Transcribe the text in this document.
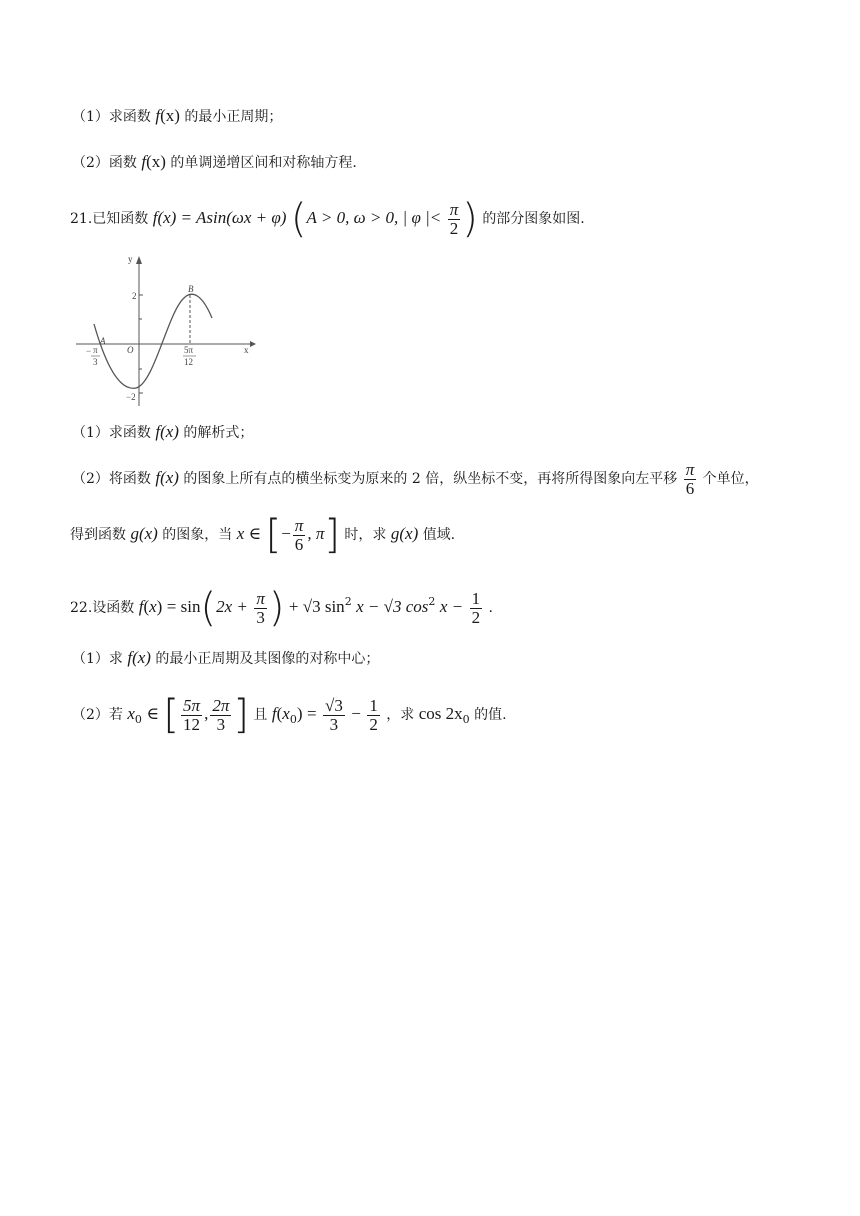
（1）求函数 f(x) 的最小正周期；
（2）函数 f(x) 的单调递增区间和对称轴方程.
21.已知函数 f(x) = Asin(ωx + φ) (A > 0, ω > 0, | φ |< $\frac{\pi}{2}$ ) 的部分图象如图.
y
x
O
A
B
2
−2
− π
3
5π
12
（1）求函数 f(x) 的解析式；
（2）将函数 f(x) 的图象上所有点的横坐标变为原来的 2 倍，纵坐标不变，再将所得图象向左平移 $\frac{\pi}{6}$ 个单位，
得到函数 g(x) 的图象，当 x ∈ [− $\frac{\pi}{6}$ , π] 时，求 g(x) 值域.
22.设函数 $f(x) = \sin(2x + \frac{\pi}{3}$ ) + √3 $\sin^2 x - √3$ $\cos^2 x - \frac{1}{2}$ .
（1）求 f(x) 的最小正周期及其图像的对称中心；
（2）若 $x_0$ ∈ [ $\frac{5\pi}{12}$ , $\frac{2\pi}{3}$ ] 且 $f(x_0) = \frac{√3}{3} - \frac{1}{2}$ ，求 $\cos 2x_0$ 的值.
